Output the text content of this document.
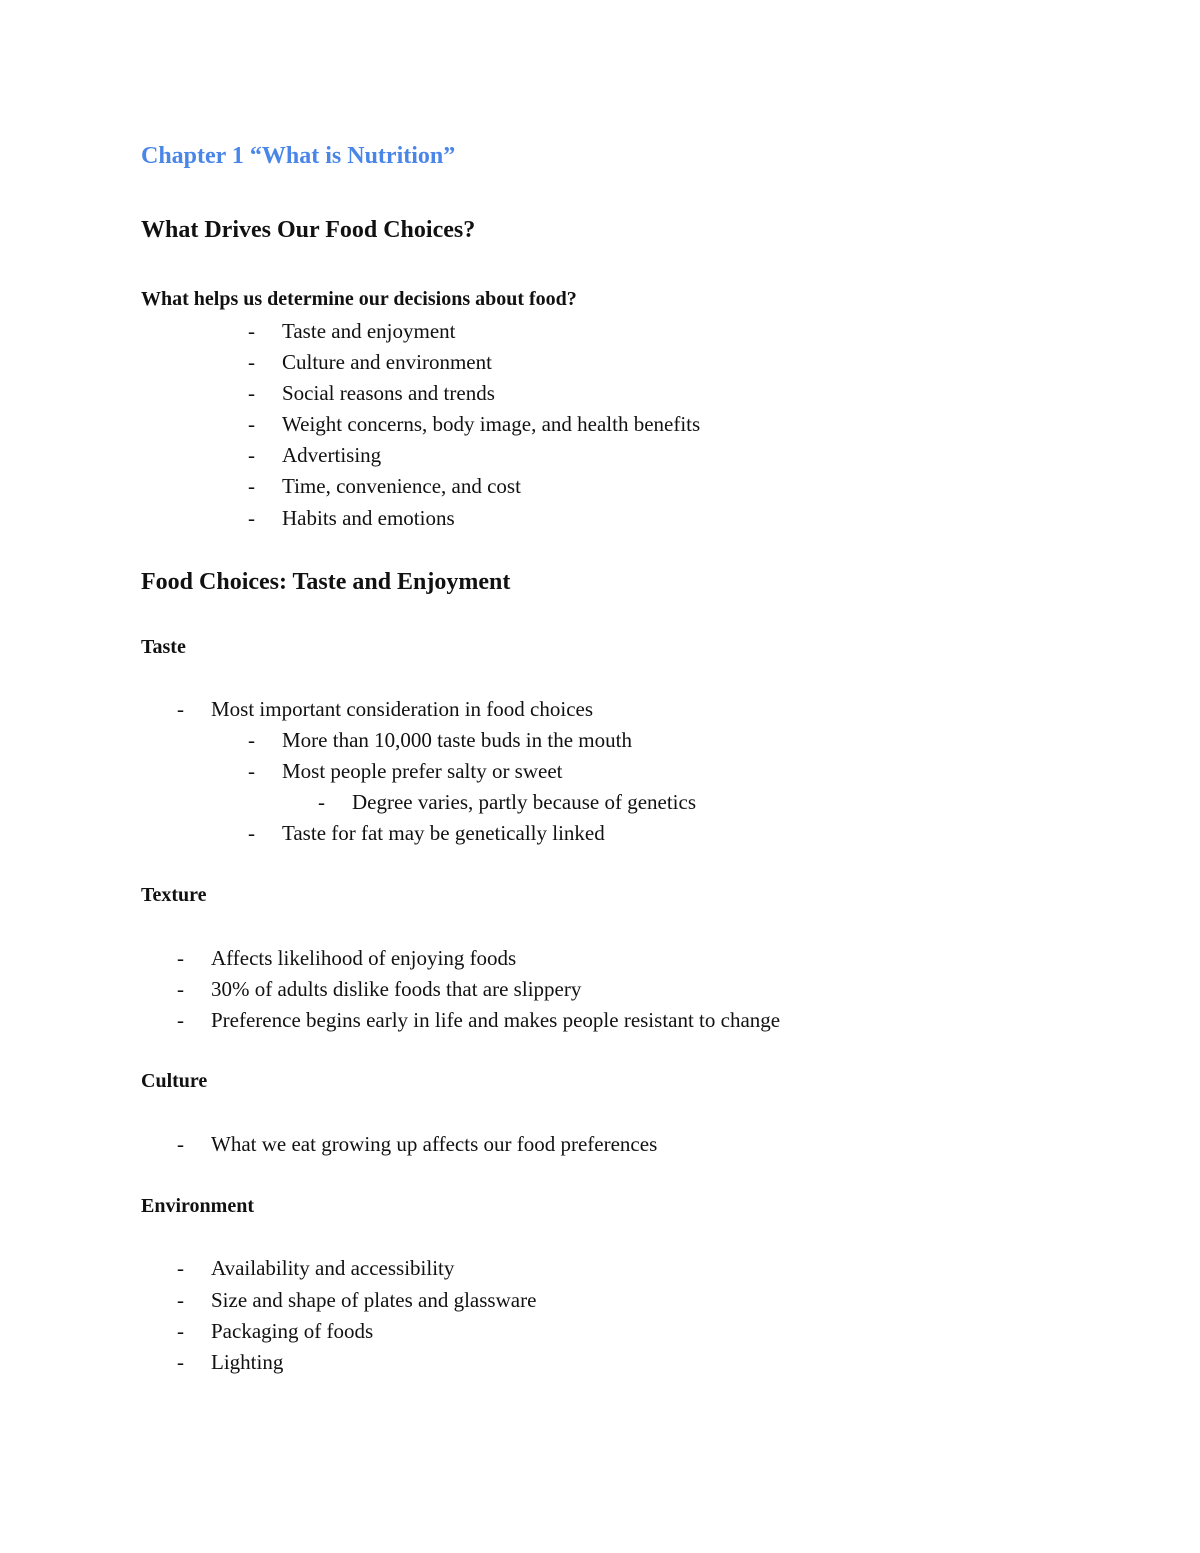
Chapter 1 “What is Nutrition”
What Drives Our Food Choices?
What helps us determine our decisions about food?
- Taste and enjoyment
- Culture and environment
- Social reasons and trends
- Weight concerns, body image, and health benefits
- Advertising
- Time, convenience, and cost
- Habits and emotions
Food Choices: Taste and Enjoyment
Taste
- Most important consideration in food choices
- More than 10,000 taste buds in the mouth
- Most people prefer salty or sweet
- Degree varies, partly because of genetics
- Taste for fat may be genetically linked
Texture
- Affects likelihood of enjoying foods
- 30% of adults dislike foods that are slippery
- Preference begins early in life and makes people resistant to change
Culture
- What we eat growing up affects our food preferences
Environment
- Availability and accessibility
- Size and shape of plates and glassware
- Packaging of foods
- Lighting
